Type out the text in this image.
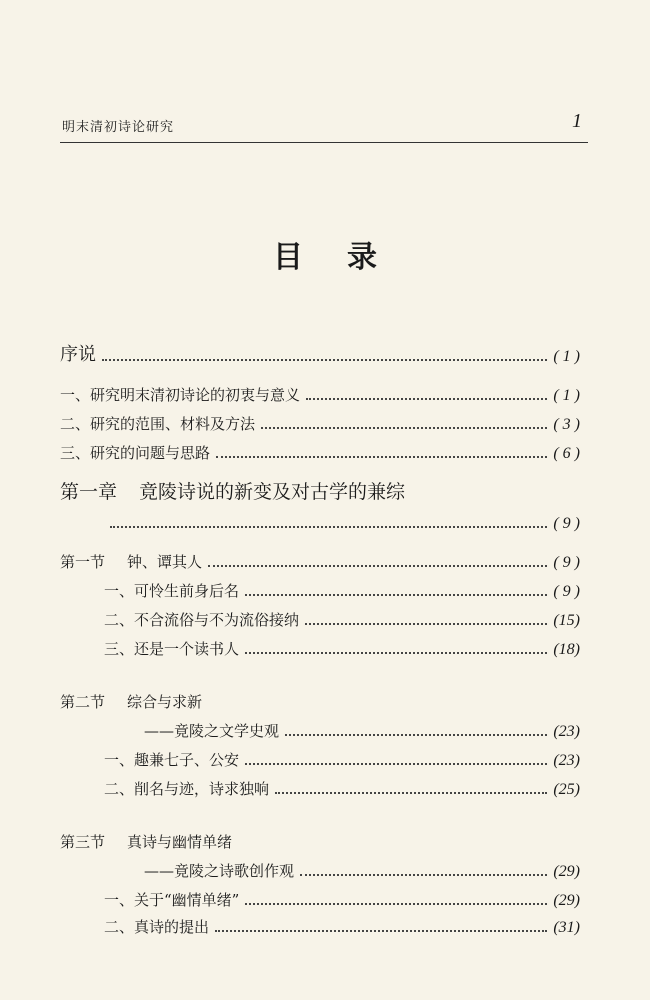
明末清初诗论研究	1
目录
序说	( 1 )
一、研究明末清初诗论的初衷与意义	( 1 )
二、研究的范围、材料及方法	( 3 )
三、研究的问题与思路	( 6 )
第一章 竟陵诗说的新变及对古学的兼综
( 9 )
第一节 钟、谭其人	( 9 )
一、可怜生前身后名	( 9 )
二、不合流俗与不为流俗接纳	(15)
三、还是一个读书人	(18)
第二节 综合与求新
——竟陵之文学史观	(23)
一、趣兼七子、公安	(23)
二、削名与迹，诗求独响	(25)
第三节 真诗与幽情单绪
——竟陵之诗歌创作观	(29)
一、关于“幽情单绪”	(29)
二、真诗的提出	(31)
